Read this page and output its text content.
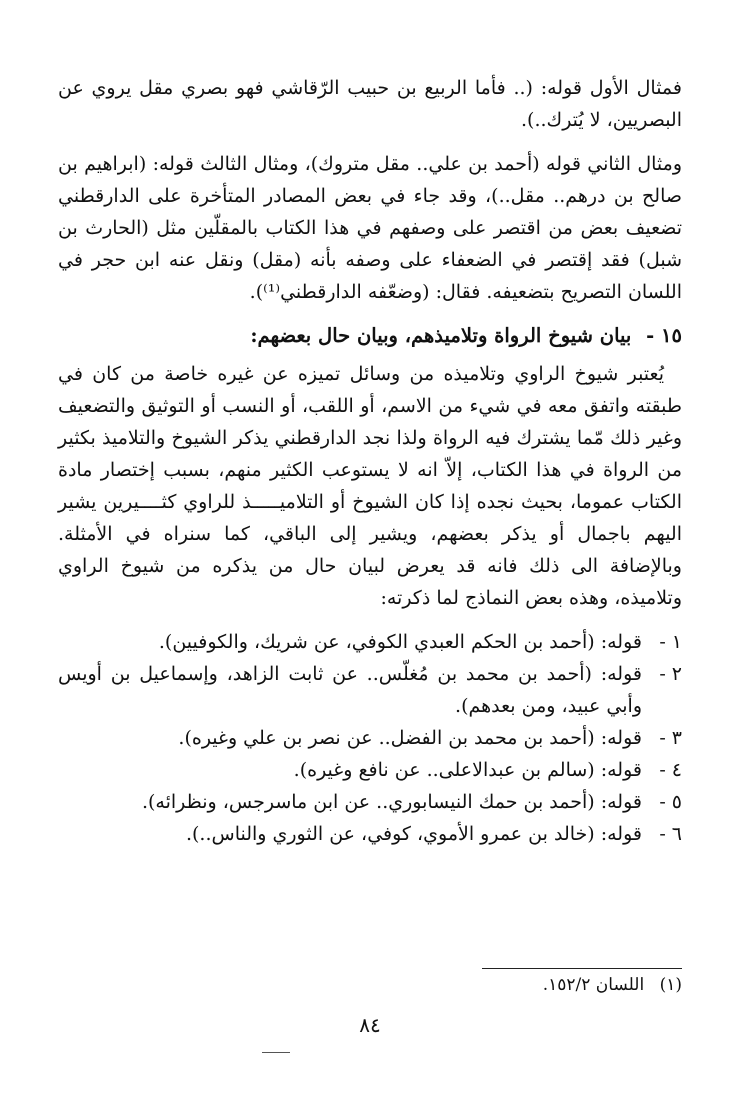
فمثال الأول قوله: (.. فأما الربيع بن حبيب الرّقاشي فهو بصري مقل يروي عن البصريين، لا يُترك..).

ومثال الثاني قوله (أحمد بن علي.. مقل متروك)، ومثال الثالث قوله: (ابراهيم بن صالح بن درهم.. مقل..)، وقد جاء في بعض المصادر المتأخرة على الدارقطني تضعيف بعض من اقتصر على وصفهم في هذا الكتاب بالمقلّين مثل (الحارث بن شبل) فقد إقتصر في الضعفاء على وصفه بأنه (مقل) ونقل عنه ابن حجر في اللسان التصريح بتضعيفه. فقال: (وضعّفه الدارقطني⁽¹⁾).

١٥ - بيان شيوخ الرواة وتلاميذهم، وبيان حال بعضهم:

يُعتبر شيوخ الراوي وتلاميذه من وسائل تميزه عن غيره خاصة من كان في طبقته واتفق معه في شيء من الاسم، أو اللقب، أو النسب أو التوثيق والتضعيف وغير ذلك مّما يشترك فيه الرواة ولذا نجد الدارقطني يذكر الشيوخ والتلاميذ بكثير من الرواة في هذا الكتاب، إلاّ انه لا يستوعب الكثير منهم، بسبب إختصار مادة الكتاب عموما، بحيث نجده إذا كان الشيوخ أو التلاميـــــذ للراوي كثــــيرين يشير اليهم باجمال أو يذكر بعضهم، ويشير إلى الباقي، كما سنراه في الأمثلة. وبالإضافة الى ذلك فانه قد يعرض لبيان حال من يذكره من شيوخ الراوي وتلاميذه، وهذه بعض النماذج لما ذكرته:

١ -
قوله: (أحمد بن الحكم العبدي الكوفي، عن شريك، والكوفيين).
٢ -
قوله: (أحمد بن محمد بن مُغلّس.. عن ثابت الزاهد، وإسماعيل بن أويس وأبي عبيد، ومن بعدهم).
٣ -
قوله: (أحمد بن محمد بن الفضل.. عن نصر بن علي وغيره).
٤ -
قوله: (سالم بن عبدالاعلى.. عن نافع وغيره).
٥ -
قوله: (أحمد بن حمك النيسابوري.. عن ابن ماسرجس، ونظرائه).
٦ -
قوله: (خالد بن عمرو الأموي، كوفي، عن الثوري والناس..).
(١) اللسان ١٥٢/٢.
٨٤
